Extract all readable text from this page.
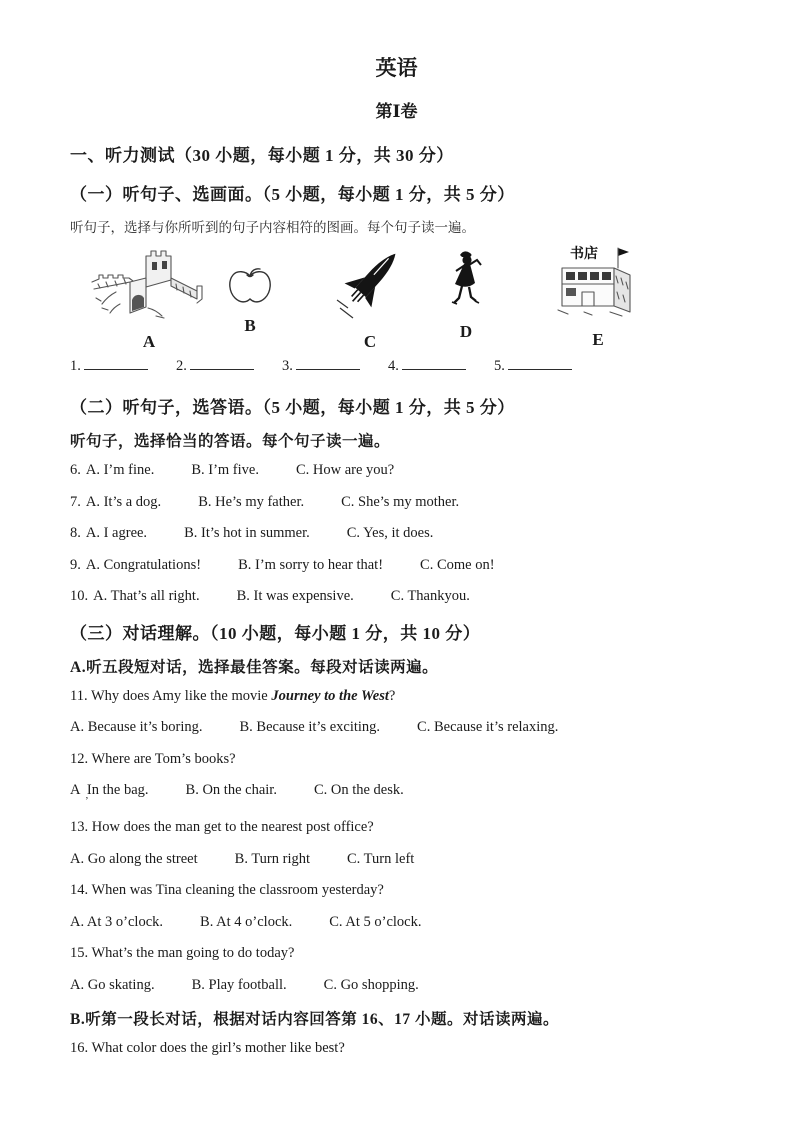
英语
第Ⅰ卷
一、听力测试（30 小题，每小题 1 分，共 30 分）
（一）听句子、选画面。（5 小题，每小题 1 分，共 5 分）
听句子，选择与你所听到的句子内容相符的图画。每个句子读一遍。
A
B
C
D
书店
E
1.	2.	3.	4.	5.
（二）听句子，选答语。（5 小题，每小题 1 分，共 5 分）
听句子，选择恰当的答语。每个句子读一遍。
6. A. I’m fine.	B. I’m five.	C. How are you?
7. A. It’s a dog.	B. He’s my father.	C. She’s my mother.
8. A. I agree.	B. It’s hot in summer.	C. Yes, it does.
9. A. Congratulations!	B. I’m sorry to hear that!	C. Come on!
10. A. That’s all right.	B. It was expensive.	C. Thankyou.
（三）对话理解。（10 小题，每小题 1 分，共 10 分）
A.听五段短对话，选择最佳答案。每段对话读两遍。
11. Why does Amy like the movie Journey to the West?
A. Because it’s boring.	B. Because it’s exciting.	C. Because it’s relaxing.
12. Where are Tom’s books?
A  In the bag.	B. On the chair.	C. On the desk.
’
13. How does the man get to the nearest post office?
A. Go along the street	B. Turn right	C. Turn left
14. When was Tina cleaning the classroom yesterday?
A. At 3 o’clock.	B. At 4 o’clock.	C. At 5 o’clock.
15. What’s the man going to do today?
A. Go skating.	B. Play football.	C. Go shopping.
B.听第一段长对话，根据对话内容回答第 16、17 小题。对话读两遍。
16. What color does the girl’s mother like best?
